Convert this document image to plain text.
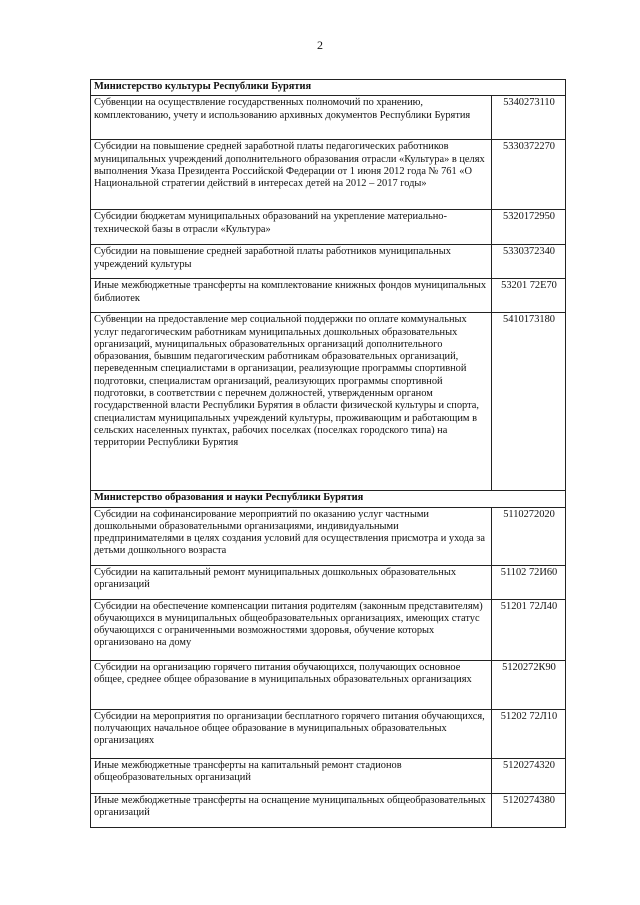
2
Министерство культуры Республики Бурятия	

Субвенции на осуществление государственных полномочий по хранению, комплектованию, учету и использованию архивных документов Республики Бурятия	5340273110

Субсидии на повышение средней заработной платы педагогических работников муниципальных учреждений дополнительного образования отрасли «Культура» в целях выполнения Указа Президента Российской Федерации от 1 июня 2012 года № 761 «О Национальной стратегии действий в интересах детей на 2012 – 2017 годы»	5330372270

Субсидии бюджетам муниципальных образований на укрепление материально-технической базы в отрасли «Культура»	5320172950

Субсидии на повышение средней заработной платы работников муниципальных учреждений культуры	5330372340

Иные межбюджетные трансферты на комплектование книжных фондов муниципальных библиотек	53201 72Е70

Субвенции на предоставление мер социальной поддержки по оплате коммунальных услуг педагогическим работникам муниципальных дошкольных образовательных организаций, муниципальных образовательных организаций дополнительного образования, бывшим педагогическим работникам образовательных организаций, переведенным специалистами в организации, реализующие программы спортивной подготовки, специалистам организаций, реализующих программы спортивной подготовки, в соответствии с перечнем должностей, утвержденным органом государственной власти Республики Бурятия в области физической культуры и спорта, специалистам муниципальных учреждений культуры, проживающим и работающим в сельских населенных пунктах, рабочих поселках (поселках городского типа) на территории Республики Бурятия	5410173180
Министерство образования и науки Республики Бурятия	

Субсидии на софинансирование мероприятий по оказанию услуг частными дошкольными образовательными организациями, индивидуальными предпринимателями в целях создания условий для осуществления присмотра и ухода за детьми дошкольного возраста	5110272020

Субсидии на капитальный ремонт муниципальных дошкольных образовательных организаций	51102 72И60

Субсидии на обеспечение компенсации питания родителям (законным представителям) обучающихся в муниципальных общеобразовательных организациях, имеющих статус обучающихся с ограниченными возможностями здоровья, обучение которых организовано на дому	51201 72Л40

Субсидии на организацию горячего питания обучающихся, получающих основное общее, среднее общее образование в муниципальных образовательных организациях	5120272К90

Субсидии на мероприятия по организации бесплатного горячего питания обучающихся, получающих начальное общее образование в муниципальных образовательных организациях	51202 72Л10

Иные межбюджетные трансферты на капитальный ремонт стадионов общеобразовательных организаций	5120274320

Иные межбюджетные трансферты на оснащение муниципальных общеобразовательных организаций	5120274380
